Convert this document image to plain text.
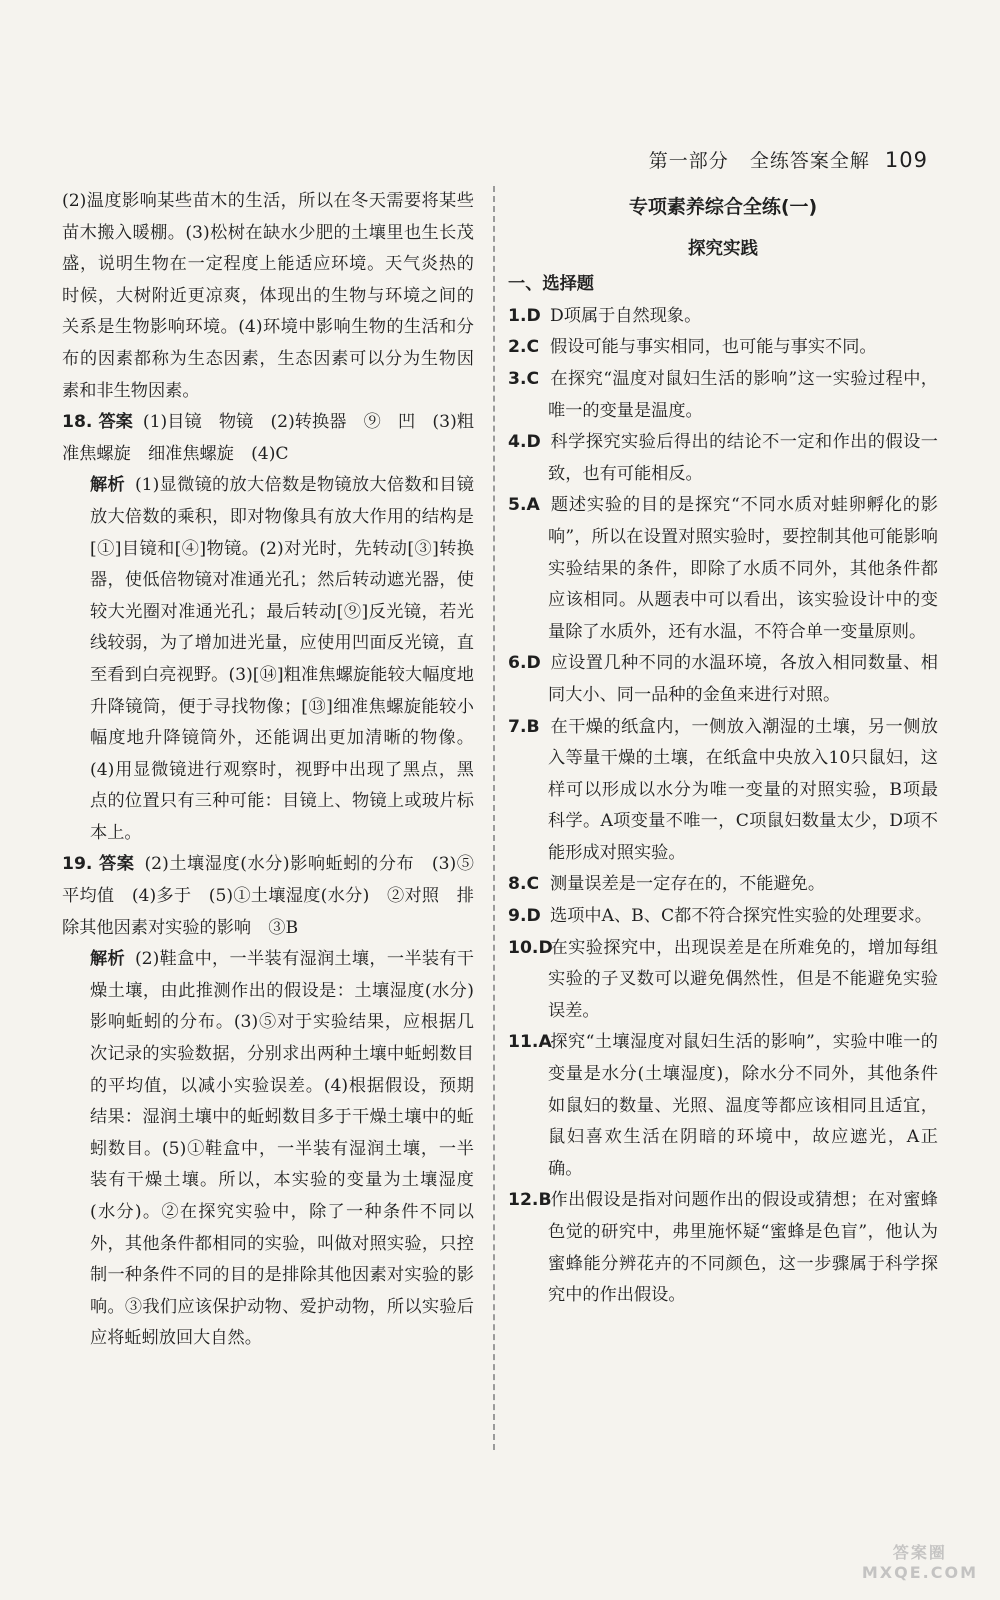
第一部分 全练答案全解 109

(2)温度影响某些苗木的生活，所以在冬天需要将某些苗木搬入暖棚。(3)松树在缺水少肥的土壤里也生长茂盛，说明生物在一定程度上能适应环境。天气炎热的时候，大树附近更凉爽，体现出的生物与环境之间的关系是生物影响环境。(4)环境中影响生物的生活和分布的因素都称为生态因素，生态因素可以分为生物因素和非生物因素。

18. 答案 (1)目镜　物镜　(2)转换器　⑨　凹　(3)粗准焦螺旋　细准焦螺旋　(4)C

解析 (1)显微镜的放大倍数是物镜放大倍数和目镜放大倍数的乘积，即对物像具有放大作用的结构是[①]目镜和[④]物镜。(2)对光时，先转动[③]转换器，使低倍物镜对准通光孔；然后转动遮光器，使较大光圈对准通光孔；最后转动[⑨]反光镜，若光线较弱，为了增加进光量，应使用凹面反光镜，直至看到白亮视野。(3)[⑭]粗准焦螺旋能较大幅度地升降镜筒，便于寻找物像；[⑬]细准焦螺旋能较小幅度地升降镜筒外，还能调出更加清晰的物像。(4)用显微镜进行观察时，视野中出现了黑点，黑点的位置只有三种可能：目镜上、物镜上或玻片标本上。

19. 答案 (2)土壤湿度(水分)影响蚯蚓的分布　(3)⑤平均值　(4)多于　(5)①土壤湿度(水分)　②对照　排除其他因素对实验的影响　③B

解析 (2)鞋盒中，一半装有湿润土壤，一半装有干燥土壤，由此推测作出的假设是：土壤湿度(水分)影响蚯蚓的分布。(3)⑤对于实验结果，应根据几次记录的实验数据，分别求出两种土壤中蚯蚓数目的平均值，以减小实验误差。(4)根据假设，预期结果：湿润土壤中的蚯蚓数目多于干燥土壤中的蚯蚓数目。(5)①鞋盒中，一半装有湿润土壤，一半装有干燥土壤。所以，本实验的变量为土壤湿度(水分)。②在探究实验中，除了一种条件不同以外，其他条件都相同的实验，叫做对照实验，只控制一种条件不同的目的是排除其他因素对实验的影响。③我们应该保护动物、爱护动物，所以实验后应将蚯蚓放回大自然。

专项素养综合全练(一)
探究实践

一、选择题

1.D D项属于自然现象。

2.C 假设可能与事实相同，也可能与事实不同。

3.C 在探究“温度对鼠妇生活的影响”这一实验过程中，唯一的变量是温度。

4.D 科学探究实验后得出的结论不一定和作出的假设一致，也有可能相反。

5.A 题述实验的目的是探究“不同水质对蛙卵孵化的影响”，所以在设置对照实验时，要控制其他可能影响实验结果的条件，即除了水质不同外，其他条件都应该相同。从题表中可以看出，该实验设计中的变量除了水质外，还有水温，不符合单一变量原则。

6.D 应设置几种不同的水温环境，各放入相同数量、相同大小、同一品种的金鱼来进行对照。

7.B 在干燥的纸盒内，一侧放入潮湿的土壤，另一侧放入等量干燥的土壤，在纸盒中央放入10只鼠妇，这样可以形成以水分为唯一变量的对照实验，B项最科学。A项变量不唯一，C项鼠妇数量太少，D项不能形成对照实验。

8.C 测量误差是一定存在的，不能避免。

9.D 选项中A、B、C都不符合探究性实验的处理要求。

10.D在实验探究中，出现误差是在所难免的，增加每组实验的子叉数可以避免偶然性，但是不能避免实验误差。

11.A探究“土壤湿度对鼠妇生活的影响”，实验中唯一的变量是水分(土壤湿度)，除水分不同外，其他条件如鼠妇的数量、光照、温度等都应该相同且适宜，鼠妇喜欢生活在阴暗的环境中，故应遮光，A正确。

12.B作出假设是指对问题作出的假设或猜想；在对蜜蜂色觉的研究中，弗里施怀疑“蜜蜂是色盲”，他认为蜜蜂能分辨花卉的不同颜色，这一步骤属于科学探究中的作出假设。

答案圈
MXQE.COM
